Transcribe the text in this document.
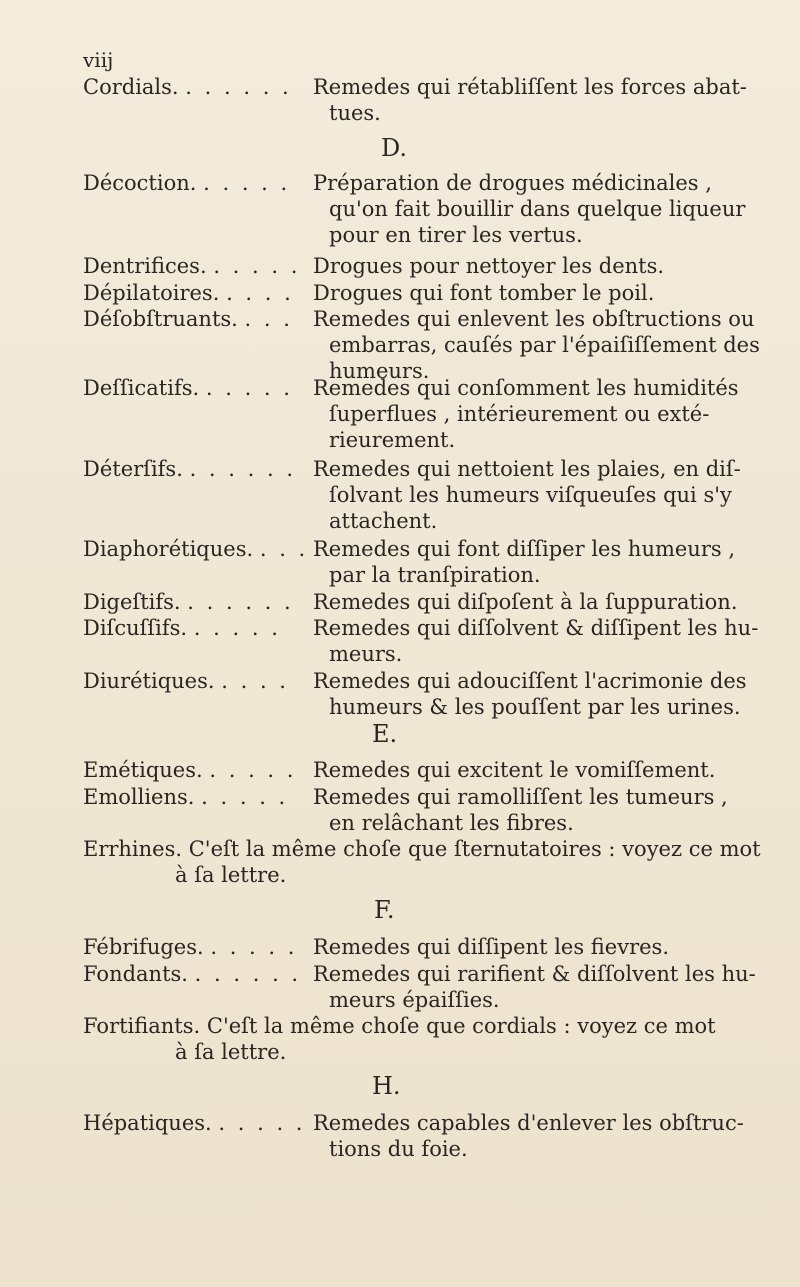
viij
Cordials. . . . . . . Remedes qui rétabliſſent les forces abat-
tues.
D.
Décoction. . . . . . Préparation de drogues médicinales ,
qu'on fait bouillir dans quelque liqueur
pour en tirer les vertus.
Dentrifices. . . . . . Drogues pour nettoyer les dents.
Dépilatoires. . . . . Drogues qui font tomber le poil.
Déſobſtruants. . . . Remedes qui enlevent les obſtructions ou
embarras, cauſés par l'épaiſiſſement des
humeurs.
Deſſicatifs. . . . . . Remedes qui conſomment les humidités
ſuperflues , intérieurement ou exté-
rieurement.
Déterſifs. . . . . . . Remedes qui nettoient les plaies, en diſ-
ſolvant les humeurs viſqueuſes qui s'y
attachent.
Diaphorétiques. . . . Remedes qui font diſſiper les humeurs ,
par la tranſpiration.
Digeſtifs. . . . . . . Remedes qui diſpoſent à la ſuppuration.
Diſcuſſifs. . . . . . Remedes qui diſſolvent & diſſipent les hu-
meurs.
Diurétiques. . . . . Remedes qui adouciſſent l'acrimonie des
humeurs & les pouſſent par les urines.
E.
Emétiques. . . . . . Remedes qui excitent le vomiſſement.
Emolliens. . . . . . Remedes qui ramolliſſent les tumeurs ,
en relâchant les fibres.
Errhines. C'eſt la même choſe que ſternutatoires : voyez ce mot
à ſa lettre.
F.
Fébrifuges. . . . . . Remedes qui diſſipent les fievres.
Fondants. . . . . . . Remedes qui rarifient & diſſolvent les hu-
meurs épaiſſies.
Fortifiants. C'eſt la même choſe que cordials : voyez ce mot
à ſa lettre.
H.
Hépatiques. . . . . . Remedes capables d'enlever les obſtruc-
tions du foie.
